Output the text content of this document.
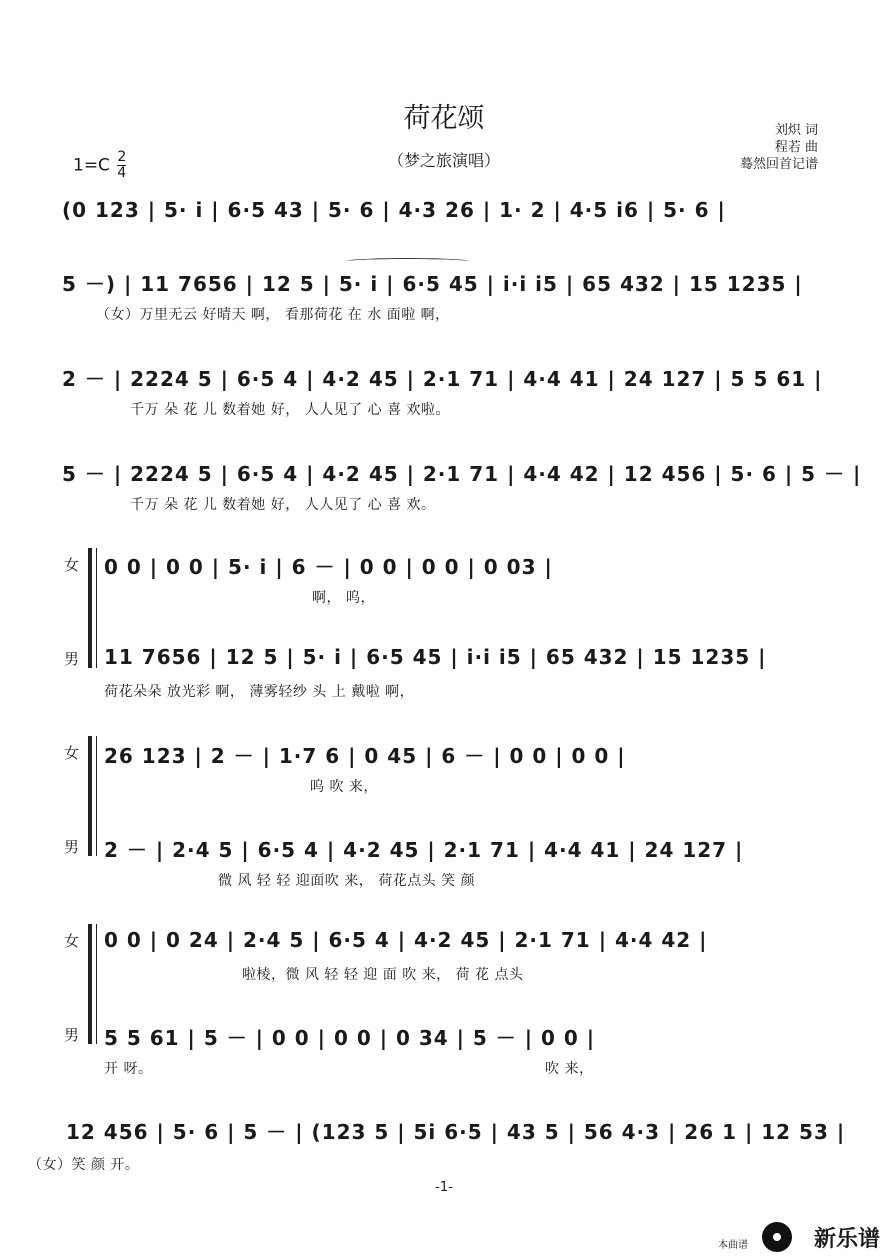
荷花颂
（梦之旅演唱）
$1=C \frac{2}{4}$
刘炽 词
程若 曲
蓦然回首记谱
(0 123 | 5· i | 6·5 43 | 5· 6 | 4·3 26 | 1· 2 | 4·5 i6 | 5· 6 |
5 －) | 11 7656 | 12 5 | 5· i | 6·5 45 | i·i i5 | 65 432 | 15 1235 |
（女）万里无云 好晴天 啊， 看那荷花 在 水 面啦 啊，
2 － | 2224 5 | 6·5 4 | 4·2 45 | 2·1 71 | 4·4 41 | 24 127 | 5 5 61 |
千万 朵 花 儿 数着她 好， 人人见了 心 喜 欢啦。
5 － | 2224 5 | 6·5 4 | 4·2 45 | 2·1 71 | 4·4 42 | 12 456 | 5· 6 | 5 － |
千万 朵 花 儿 数着她 好， 人人见了 心 喜 欢。
女
男
0 0 | 0 0 | 5· i | 6 － | 0 0 | 0 0 | 0 03 |
啊， 呜，
11 7656 | 12 5 | 5· i | 6·5 45 | i·i i5 | 65 432 | 15 1235 |
荷花朵朵 放光彩 啊， 薄雾轻纱 头 上 戴啦 啊，
女
男
26 123 | 2 － | 1·7 6 | 0 45 | 6 － | 0 0 | 0 0 |
呜 吹 来，
2 － | 2·4 5 | 6·5 4 | 4·2 45 | 2·1 71 | 4·4 41 | 24 127 |
微 风 轻 轻 迎面吹 来， 荷花点头 笑 颜
女
男
0 0 | 0 24 | 2·4 5 | 6·5 4 | 4·2 45 | 2·1 71 | 4·4 42 |
啦棱，微 风 轻 轻 迎 面 吹 来， 荷 花 点头
5 5 61 | 5 － | 0 0 | 0 0 | 0 34 | 5 － | 0 0 |
开 呀。	吹 来，
12 456 | 5· 6 | 5 － | (123 5 | 5i 6·5 | 43 5 | 56 4·3 | 26 1 | 12 53 |
（女）笑 颜 开。
-1-
本曲谱	新乐谱
